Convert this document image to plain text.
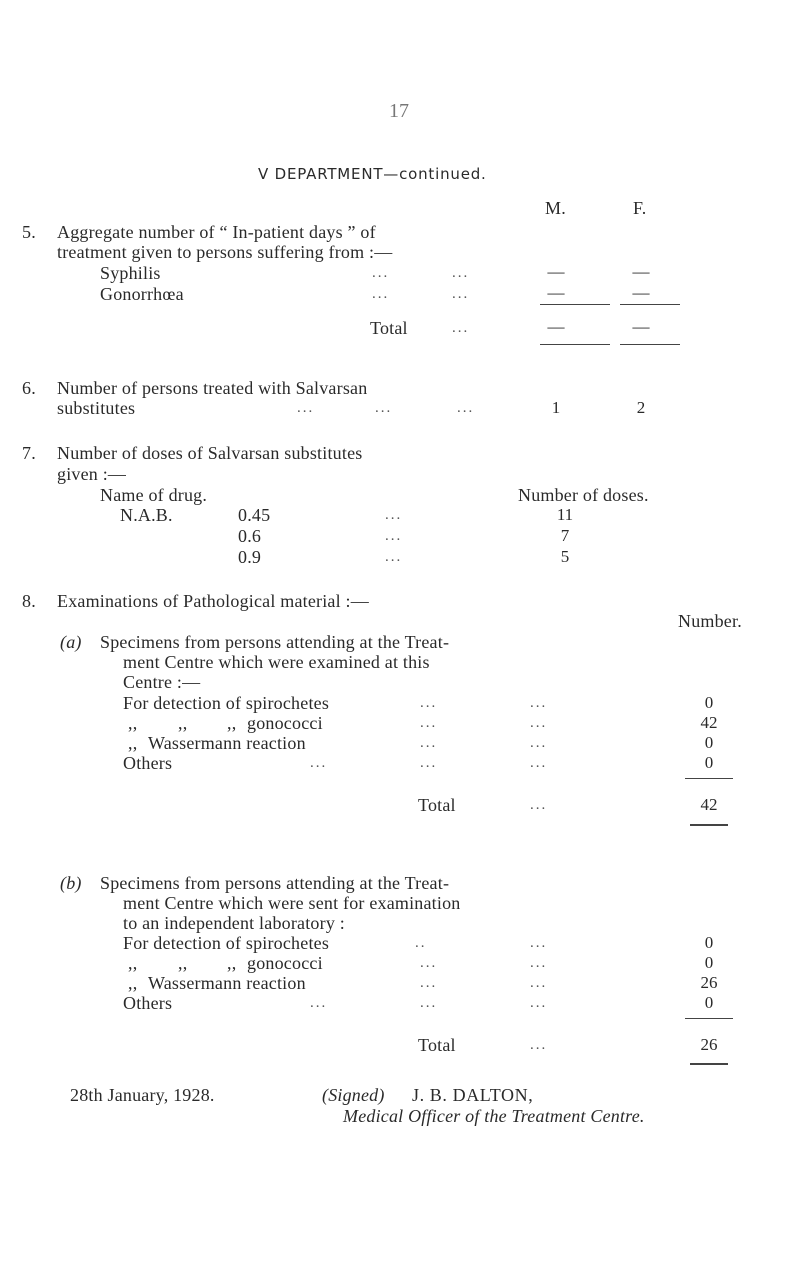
17
V DEPARTMENT—continued.
M.	F.
5. Aggregate number of “ In-patient days ” of
treatment given to persons suffering from :—
Syphilis	...	...	—	—
Gonorrhœa	...	...	—	—
Total	...	—	—
6. Number of persons treated with Salvarsan
substitutes	...	...	...	1	2
7. Number of doses of Salvarsan substitutes
given :—
Name of drug.	Number of doses.
N.A.B.	0.45	...	11
0.6	...	7
0.9	...	5
8. Examinations of Pathological material :—
Number.
(a) Specimens from persons attending at the Treat-
ment Centre which were examined at this
Centre :—
For detection of spirochetes	...	...	0
,, ,, ,, gonococci	...	...	42
,, Wassermann reaction	...	...	0
Others	...	...	...	0
Total	...	42
(b) Specimens from persons attending at the Treat-
ment Centre which were sent for examination
to an independent laboratory :
For detection of spirochetes	..	...	0
,, ,, ,, gonococci	...	...	0
,, Wassermann reaction	...	...	26
Others	...	...	...	0
Total	...	26
28th January, 1928.	(Signed) J. B. DALTON,
Medical Officer of the Treatment Centre.
